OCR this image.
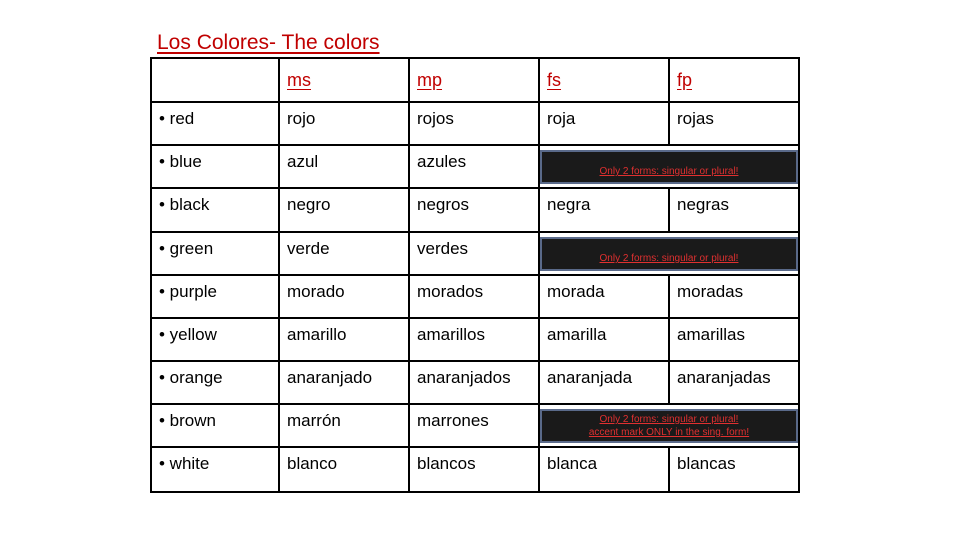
Los Colores- The colors
	ms	mp	fs	fp
• red	rojo	rojos	roja	rojas
• blue	azul	azules	Only 2 forms: singular or plural!	

• black	negro	negros	negra	negras
• green	verde	verdes	Only 2 forms: singular or plural!	

• purple	morado	morados	morada	moradas
• yellow	amarillo	amarillos	amarilla	amarillas
• orange	anaranjado	anaranjados	anaranjada	anaranjadas
• brown	marrón	marrones	Only 2 forms: singular or plural!
accent mark ONLY in the sing. form!	

• white	blanco	blancos	blanca	blancas
